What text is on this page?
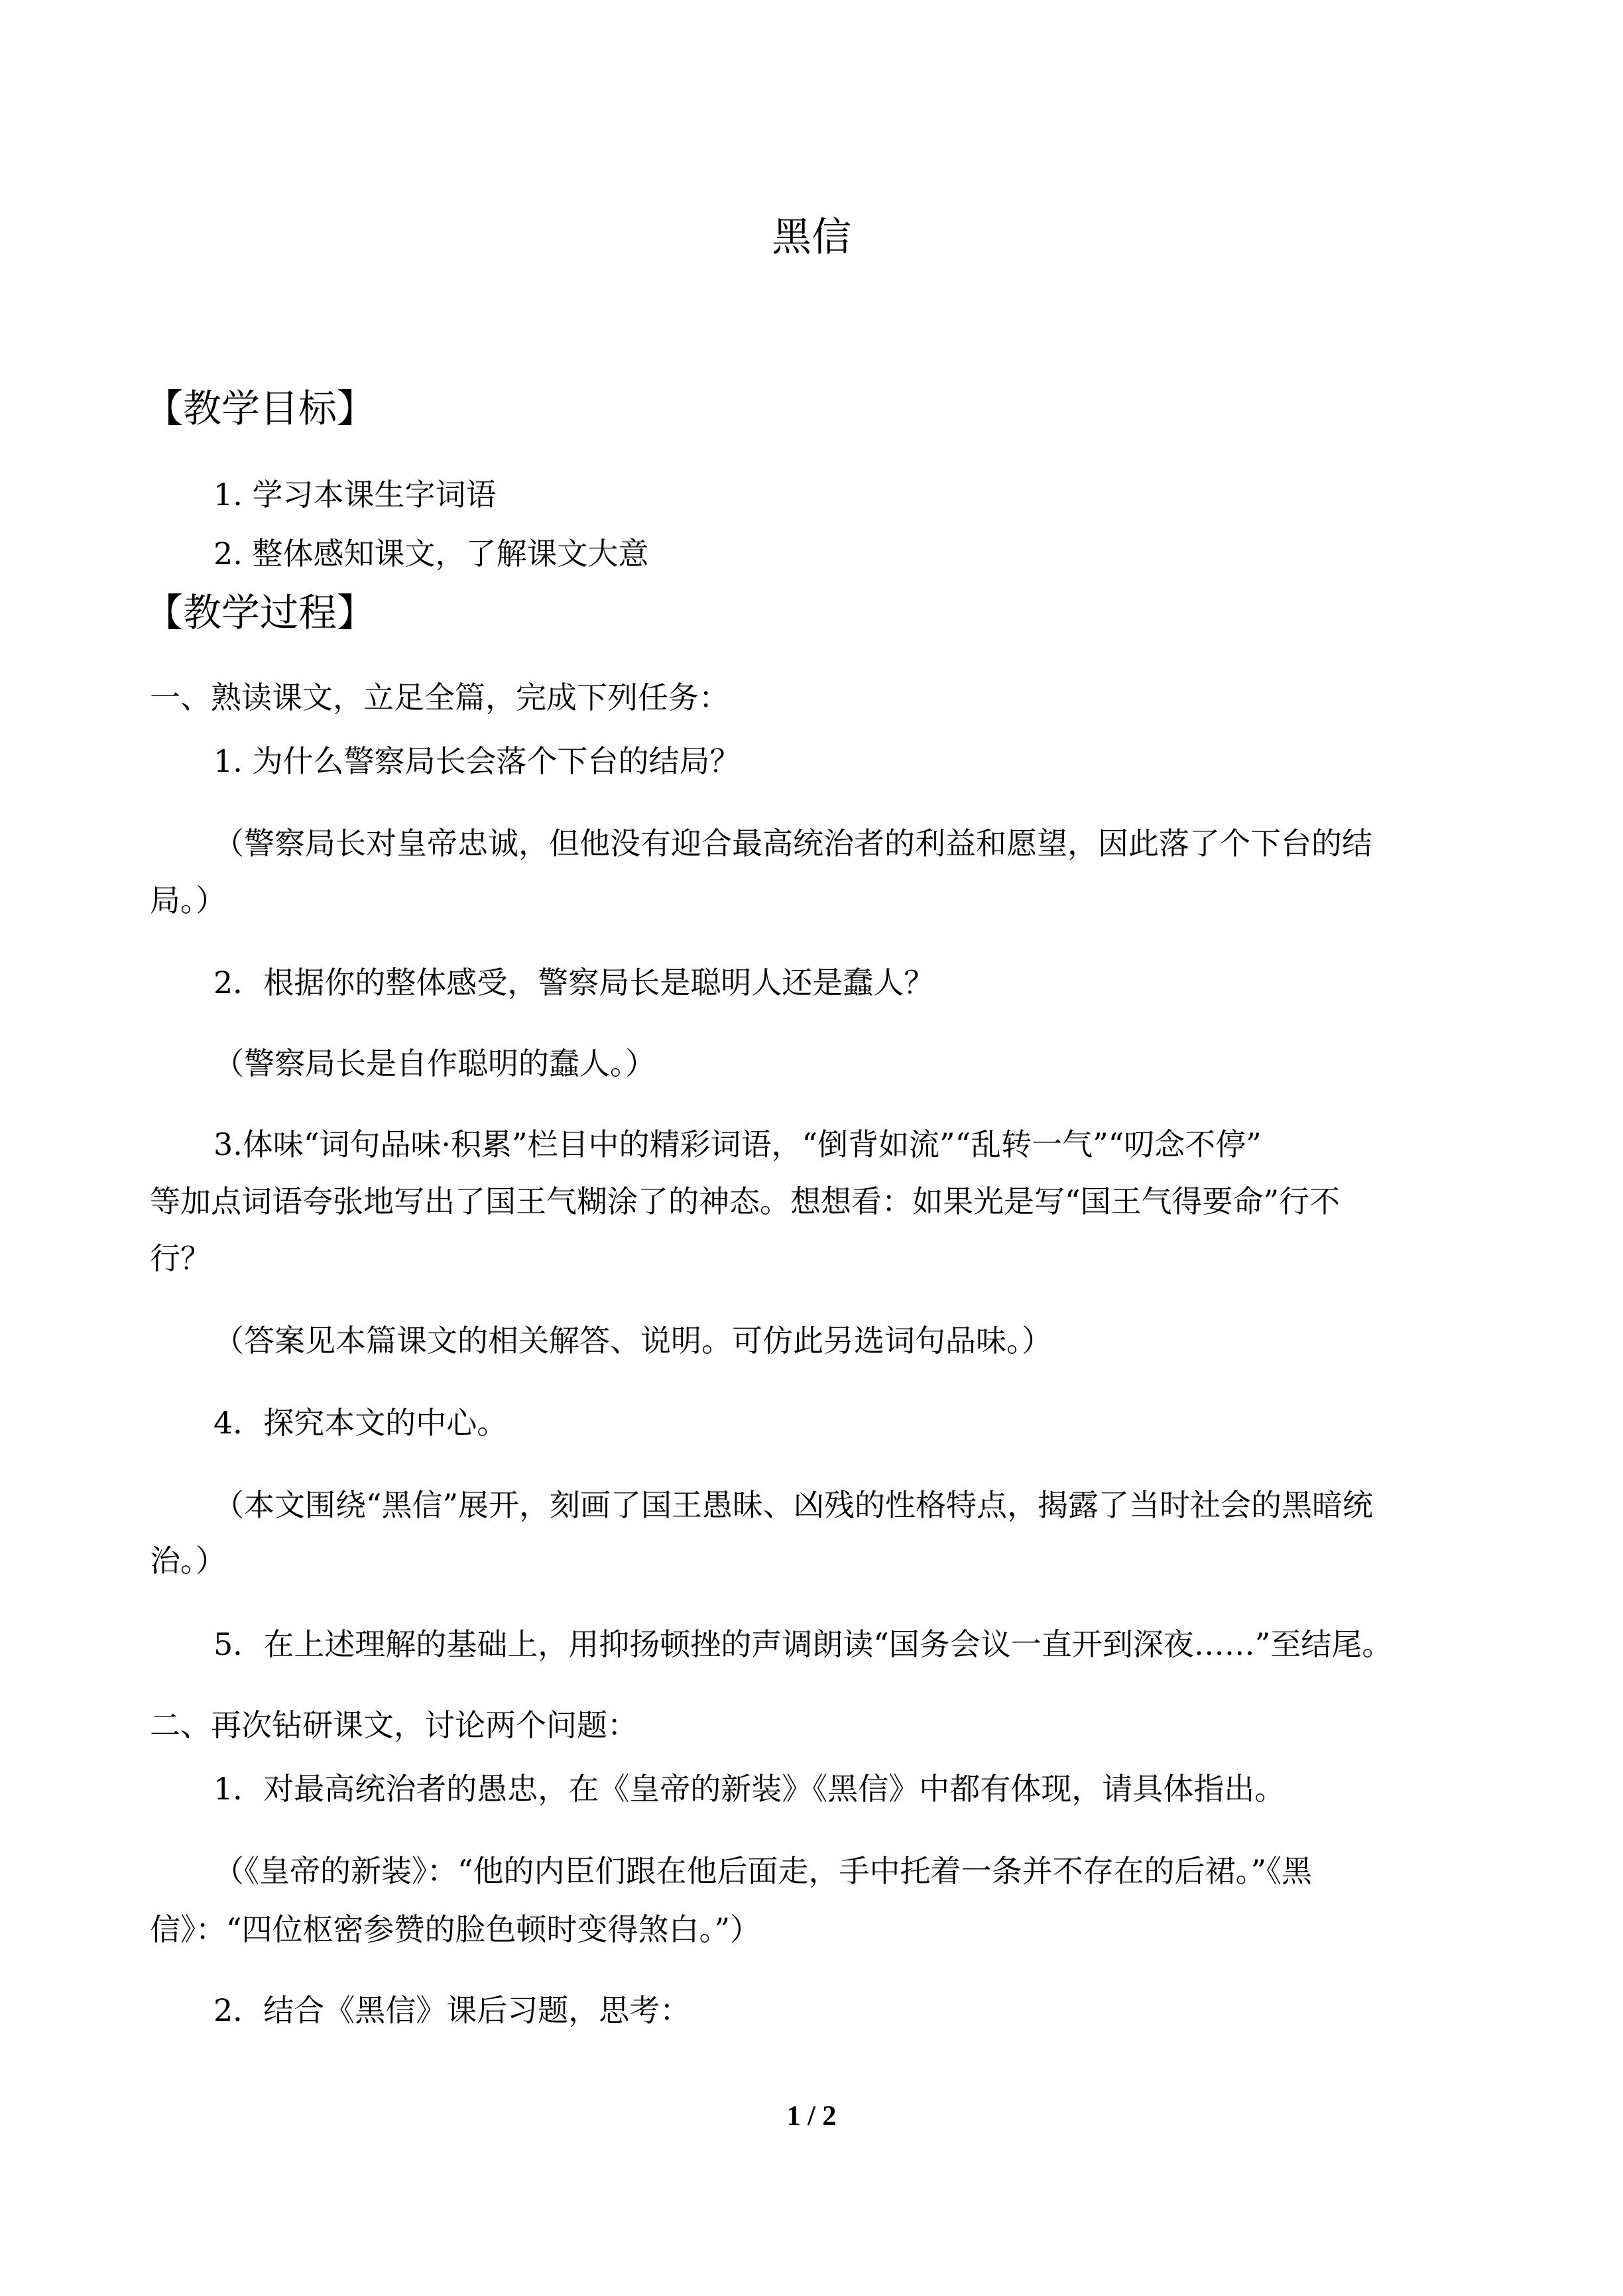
黑信
【教学目标】
1. 学习本课生字词语
2. 整体感知课文，了解课文大意
【教学过程】
一、熟读课文，立足全篇，完成下列任务：
1. 为什么警察局长会落个下台的结局？
（警察局长对皇帝忠诚，但他没有迎合最高统治者的利益和愿望，因此落了个下台的结
局。）
2．根据你的整体感受，警察局长是聪明人还是蠢人？
（警察局长是自作聪明的蠢人。）
3.体味“词句品味·积累”栏目中的精彩词语，“倒背如流”“乱转一气”“叨念不停”
等加点词语夸张地写出了国王气糊涂了的神态。想想看：如果光是写“国王气得要命”行不
行？
（答案见本篇课文的相关解答、说明。可仿此另选词句品味。）
4．探究本文的中心。
（本文围绕“黑信”展开，刻画了国王愚昧、凶残的性格特点，揭露了当时社会的黑暗统
治。）
5．在上述理解的基础上，用抑扬顿挫的声调朗读“国务会议一直开到深夜……”至结尾。
二、再次钻研课文，讨论两个问题：
1．对最高统治者的愚忠，在《皇帝的新装》《黑信》中都有体现，请具体指出。
（《皇帝的新装》：“他的内臣们跟在他后面走，手中托着一条并不存在的后裙。”《黑
信》：“四位枢密参赞的脸色顿时变得煞白。”）
2．结合《黑信》课后习题，思考：
1 / 2
